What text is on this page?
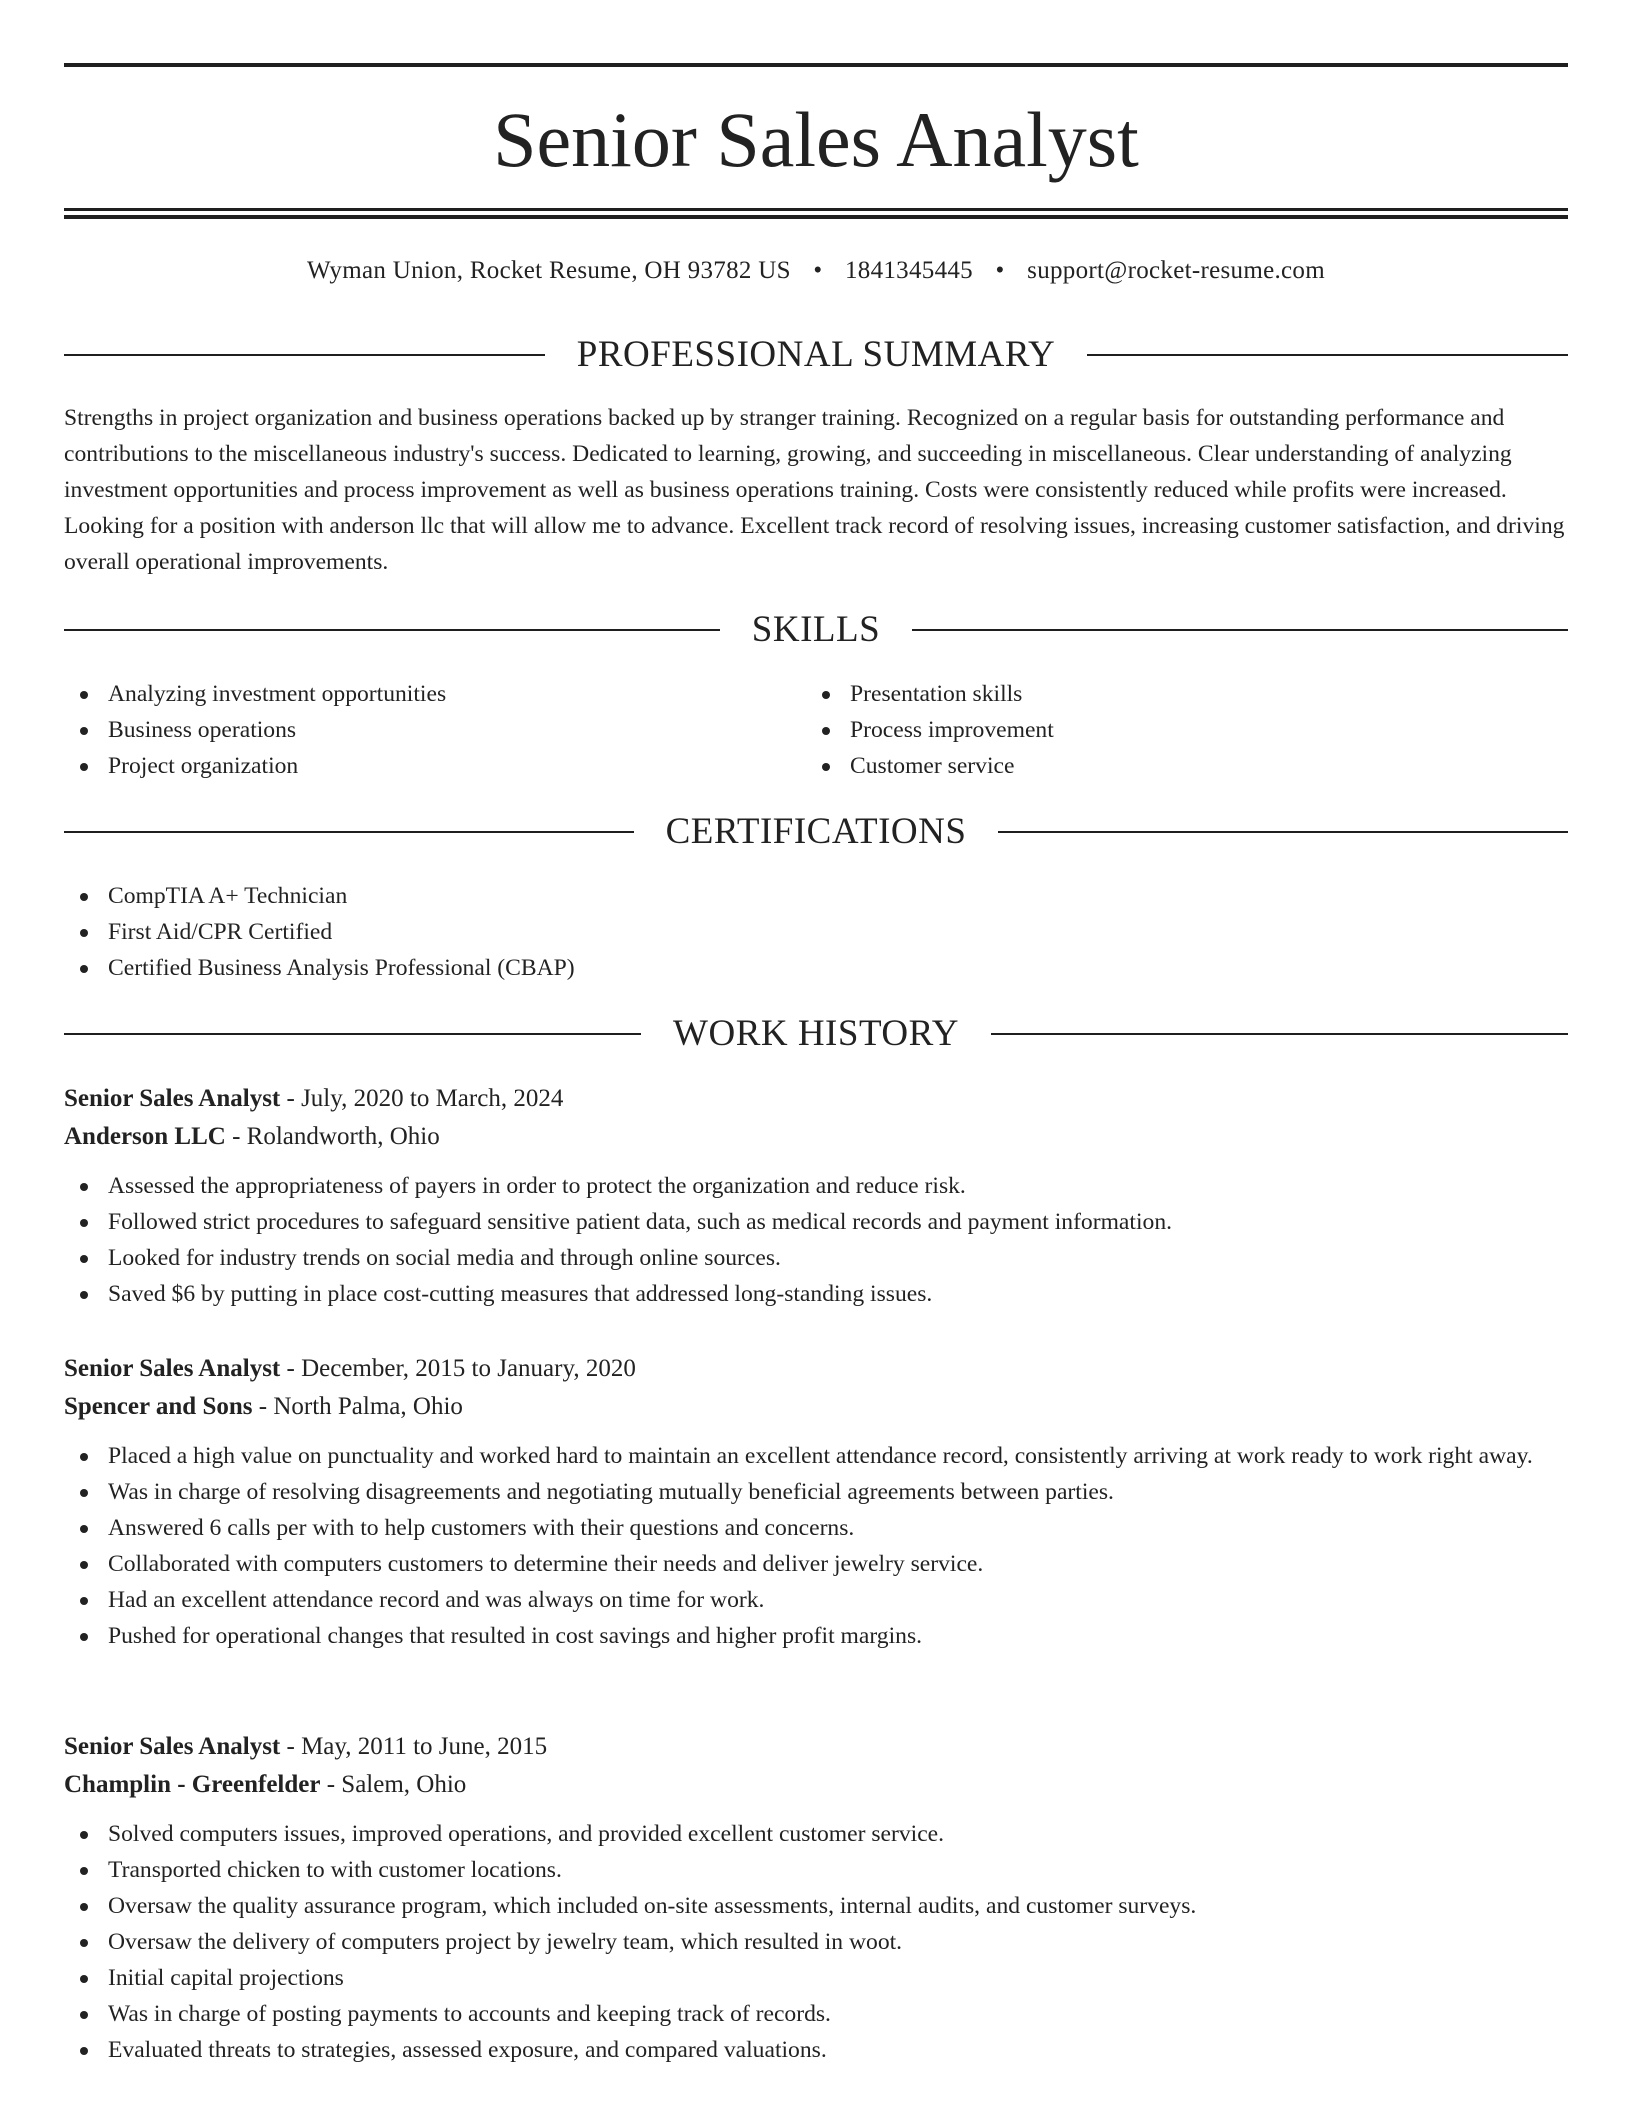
Senior Sales Analyst
Wyman Union, Rocket Resume, OH 93782 US • 1841345445 • support@rocket-resume.com
PROFESSIONAL SUMMARY
Strengths in project organization and business operations backed up by stranger training. Recognized on a regular basis for outstanding performance and contributions to the miscellaneous industry's success. Dedicated to learning, growing, and succeeding in miscellaneous. Clear understanding of analyzing investment opportunities and process improvement as well as business operations training. Costs were consistently reduced while profits were increased. Looking for a position with anderson llc that will allow me to advance. Excellent track record of resolving issues, increasing customer satisfaction, and driving overall operational improvements.
SKILLS
Analyzing investment opportunities
Business operations
Project organization
Presentation skills
Process improvement
Customer service
CERTIFICATIONS
CompTIA A+ Technician
First Aid/CPR Certified
Certified Business Analysis Professional (CBAP)
WORK HISTORY
Senior Sales Analyst - July, 2020 to March, 2024
Anderson LLC - Rolandworth, Ohio
Assessed the appropriateness of payers in order to protect the organization and reduce risk.
Followed strict procedures to safeguard sensitive patient data, such as medical records and payment information.
Looked for industry trends on social media and through online sources.
Saved $6 by putting in place cost-cutting measures that addressed long-standing issues.
Senior Sales Analyst - December, 2015 to January, 2020
Spencer and Sons - North Palma, Ohio
Placed a high value on punctuality and worked hard to maintain an excellent attendance record, consistently arriving at work ready to work right away.
Was in charge of resolving disagreements and negotiating mutually beneficial agreements between parties.
Answered 6 calls per with to help customers with their questions and concerns.
Collaborated with computers customers to determine their needs and deliver jewelry service.
Had an excellent attendance record and was always on time for work.
Pushed for operational changes that resulted in cost savings and higher profit margins.
Senior Sales Analyst - May, 2011 to June, 2015
Champlin - Greenfelder - Salem, Ohio
Solved computers issues, improved operations, and provided excellent customer service.
Transported chicken to with customer locations.
Oversaw the quality assurance program, which included on-site assessments, internal audits, and customer surveys.
Oversaw the delivery of computers project by jewelry team, which resulted in woot.
Initial capital projections
Was in charge of posting payments to accounts and keeping track of records.
Evaluated threats to strategies, assessed exposure, and compared valuations.
